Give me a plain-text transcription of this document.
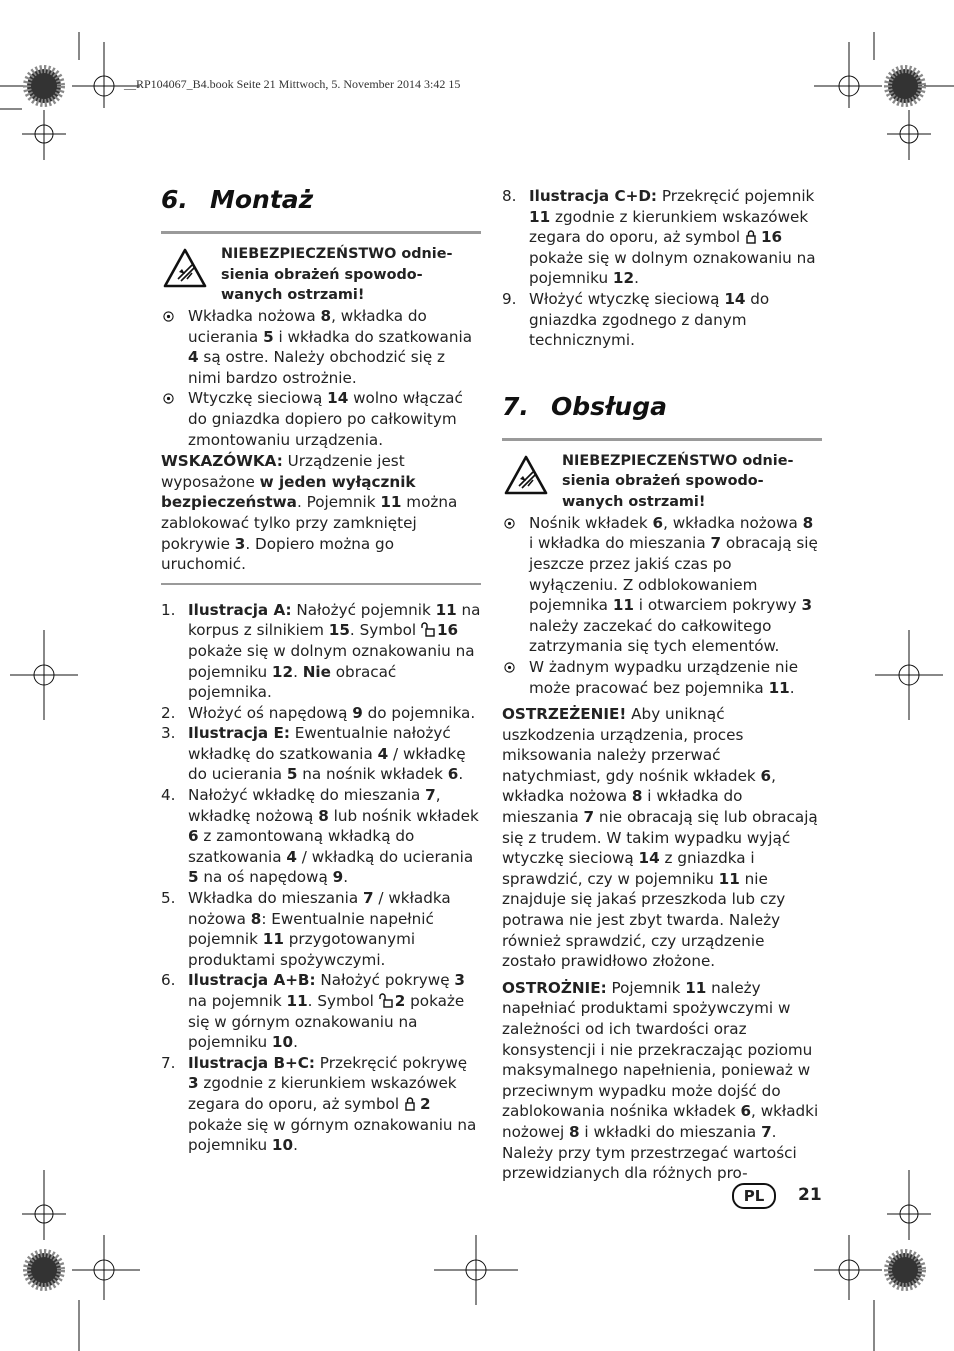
__RP104067_B4.book Seite 21 Mittwoch, 5. November 2014 3:42 15
6. Montaż
NIEBEZPIECZEŃSTWO odnie-sienia obrażeń spowodo-wanych ostrzami!
Wkładka nożowa 8, wkładka do ucierania 5 i wkładka do szatkowania 4 są ostre. Należy obchodzić się z nimi bardzo ostrożnie.
Wtyczkę sieciową 14 wolno włączać do gniazdka dopiero po całkowitym zmontowaniu urządzenia.

WSKAZÓWKA: Urządzenie jest wyposażone w jeden wyłącznik bezpieczeństwa. Pojemnik 11 można zablokować tylko przy zamkniętej pokrywie 3. Dopiero można go uruchomić.

1. Ilustracja A: Nałożyć pojemnik 11 na korpus z silnikiem 15. Symbol 16 pokaże się w dolnym oznakowaniu na pojemniku 12. Nie obracać pojemnika.
2. Włożyć oś napędową 9 do pojemnika.
3. Ilustracja E: Ewentualnie nałożyć wkładkę do szatkowania 4 / wkładkę do ucierania 5 na nośnik wkładek 6.
4. Nałożyć wkładkę do mieszania 7, wkładkę nożową 8 lub nośnik wkładek 6 z zamontowaną wkładką do szatkowania 4 / wkładką do ucierania 5 na oś napędową 9.
5. Wkładka do mieszania 7 / wkładka nożowa 8: Ewentualnie napełnić pojemnik 11 przygotowanymi produktami spożywczymi.
6. Ilustracja A+B: Nałożyć pokrywę 3 na pojemnik 11. Symbol 2 pokaże się w górnym oznakowaniu na pojemniku 10.
7. Ilustracja B+C: Przekręcić pokrywę 3 zgodnie z kierunkiem wskazówek zegara do oporu, aż symbol 2 pokaże się w górnym oznakowaniu na pojemniku 10.
8. Ilustracja C+D: Przekręcić pojemnik 11 zgodnie z kierunkiem wskazówek zegara do oporu, aż symbol 16 pokaże się w dolnym oznakowaniu na pojemniku 12.
9. Włożyć wtyczkę sieciową 14 do gniazdka zgodnego z danym technicznymi.
7. Obsługa
NIEBEZPIECZEŃSTWO odnie-sienia obrażeń spowodo-wanych ostrzami!
Nośnik wkładek 6, wkładka nożowa 8 i wkładka do mieszania 7 obracają się jeszcze przez jakiś czas po wyłączeniu. Z odblokowaniem pojemnika 11 i otwarciem pokrywy 3 należy zaczekać do całkowitego zatrzymania się tych elementów.
W żadnym wypadku urządzenie nie może pracować bez pojemnika 11.

OSTRZEŻENIE! Aby uniknąć uszkodzenia urządzenia, proces miksowania należy przerwać natychmiast, gdy nośnik wkładek 6, wkładka nożowa 8 i wkładka do mieszania 7 nie obracają się lub obracają się z trudem. W takim wypadku wyjąć wtyczkę sieciową 14 z gniazdka i sprawdzić, czy w pojemniku 11 nie znajduje się jakaś przeszkoda lub czy potrawa nie jest zbyt twarda. Należy również sprawdzić, czy urządzenie zostało prawidłowo złożone.

OSTROŻNIE: Pojemnik 11 należy napełniać produktami spożywczymi w zależności od ich twardości oraz konsystencji i nie przekraczając poziomu maksymalnego napełnienia, ponieważ w przeciwnym wypadku może dojść do zablokowania nośnika wkładek 6, wkładki nożowej 8 i wkładki do mieszania 7. Należy przy tym przestrzegać wartości przewidzianych dla różnych pro-

PL 21
